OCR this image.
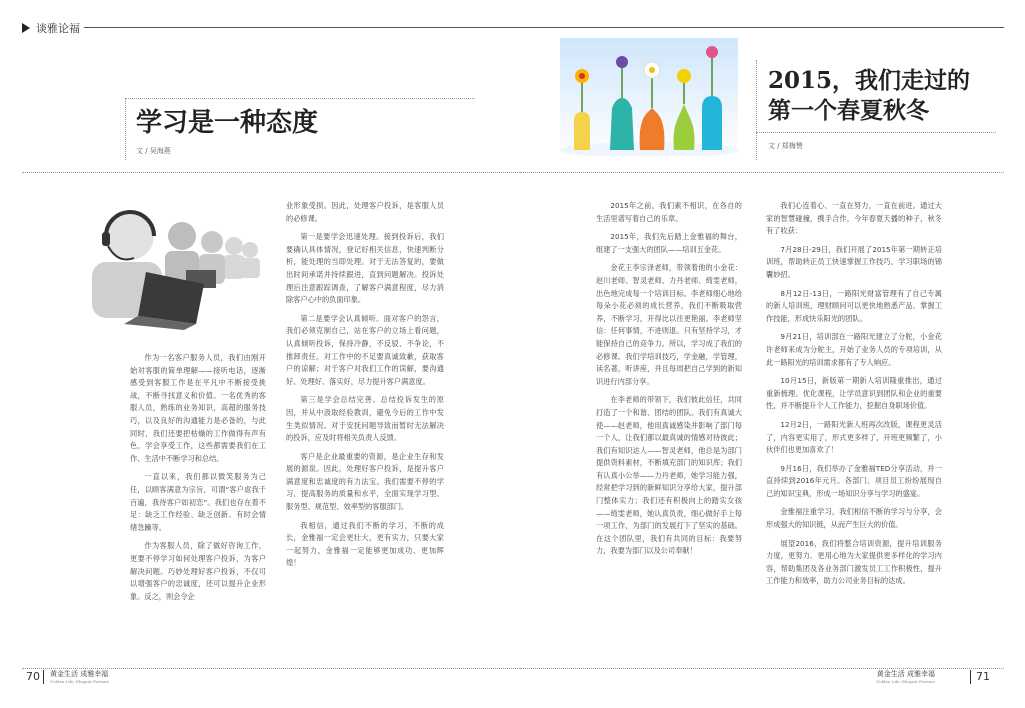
谈雅论福
学习是一种态度
文 / 吴海燕

作为一名客户服务人员，我们由刚开始对客服的简单理解——接听电话，逐渐感受到客服工作是在平凡中不断接受挑战，不断寻找意义和价值。一名优秀的客服人员，熟练的业务知识，高超的服务技巧，以及良好的沟通能力是必备的，与此同时，我们还要把枯燥的工作做得有声有色，学会享受工作，这些都需要我们在工作、生活中不断学习和总结。

一直以来，我们都以微笑服务为己任，以顾客满意为宗旨，可谓“客户虐我千百遍，我待客户如初恋”。我们也存在着不足：缺乏工作经验、缺乏创新、有时会情绪急躁等。

作为客服人员，除了做好咨询工作，更要不停学习如何处理客户投诉，为客户解决问题。巧妙处理好客户投诉，不仅可以增强客户的忠诚度，还可以提升企业形象。反之，则会令企

业形象受损。因此，处理客户投诉，是客服人员的必修课。

第一是要学会迅速处理。接到投诉后，我们要确认具体情况，登记好相关信息，快速判断分析，能处理的当即处理。对于无法答复的，要做出时间承诺并持续跟进，直到问题解决。投诉处理后注意跟踪调查，了解客户满意程度，尽力消除客户心中的负面印象。

第二是要学会认真倾听。面对客户的怨言，我们必须克制自己，站在客户的立场上看问题，认真倾听投诉，保持冷静，不反驳、不争论，不推卸责任。对工作中的不足要真诚致歉，获取客户的谅解；对于客户对我们工作的误解，要沟通好、处理好、落实好，尽力提升客户满意度。

第三是学会总结完善。总结投诉发生的原因，并从中汲取经验教训，避免今后的工作中发生类似情况。对于安抚问题导致而暂时无法解决的投诉，应及时将相关负责人反馈。

客户是企业最重要的资源，是企业生存和发展的源泉。因此，处理好客户投诉，是提升客户满意度和忠诚度的有力法宝。我们需要不停的学习，提高服务的质量和水平，全面实现学习型、服务型、规范型、效率型的客服部门。

我相信，通过我们不断的学习，不断的成长，金雅福一定会更壮大，更有实力，只要大家一起努力，金雅福一定能够更加成功、更加辉煌！

70 黄金生活 成雅幸福
Golden Life, Elegant Fortune
2015，我们走过的
第一个春夏秋冬
文 / 郑梅赞

2015年之前，我们素不相识，在各自的生活里谱写着自己的乐章。

2015年，我们先后踏上金雅福的舞台，组建了一支强大的团队——培训五金花。

金花王李宗泽老师，带领着他的小金花：赵川老师、智灵老师、力丹老师、绮雯老师，出色地完成每一个培训目标。李老师细心地给每朵小花必须的成长营养，我们不断吸取营养，不断学习，开得比以往更艳丽。李老师坚信：任何事情，不进则退。只有坚持学习，才能保持自己的竞争力。所以，学习成了我们的必修课。我们学培训技巧，学金融，学管理，读名著，听讲座，并且每周把自己学到的新知识进行内部分享。

在李老师的带领下，我们彼此信任，共同打造了一个和谐、团结的团队。我们有真诚大使——赵老师，他用真诚感染并影响了部门每一个人，让我们都以最真诚的情感对待彼此；我们有知识达人——智灵老师，他总是为部门提供资料素材，不断填充部门的知识库；我们有认真小公举——力丹老师，她学习能力强，经常把学习到的新鲜知识分享给大家，提升部门整体实力；我们还有积极向上的踏实女孩——绮雯老师，她认真负责，细心做好手上每一项工作，为部门的发展打下了坚实的基础。在这个团队里，我们有共同的目标：我要努力，我要为部门以及公司奉献！

我们心连着心、一直在努力，一直在前进。通过大家的智慧碰撞、携手合作，今年春夏天播的种子，秋冬有了收获：

7月28日-29日，我们开展了2015年第一期转正培训班，帮助转正员工快速掌握工作技巧，学习职场的锦囊妙招。

8月12日-13日，一路阳光财富管理有了自己专属的新人培训班，理财顾问可以更快地熟悉产品、掌握工作技能，形成快乐阳光的团队。

9月21日，培训部在一路阳光建立了分舵，小金花许老师来成为分舵主，开始了业务人员的专项培训，从此一路阳光的培训需求都有了专人响应。

10月15日，新版第一期新人培训隆重推出，通过重新梳理、优化课程，让学员意识到团队和企业的重要性，并不断提升个人工作能力，挖掘自身职场价值。

12月2日，一路阳光新人班再次改版，课程更灵活了，内容更实用了，形式更多样了，开班更频繁了，小伙伴们也更加喜欢了！

9月16日，我们举办了金雅福TED分享活动，并一直持续到2016年元月。各部门、项目员工纷纷展现自己的知识宝典，形成一场知识分享与学习的盛宴。

金雅福注重学习，我们相信不断的学习与分享，会形成强大的知识链，从而产生巨大的价值。

展望2016，我们将整合培训资源，提升培训服务力度，更努力、更用心地为大家提供更多样化的学习内容，帮助集团及各业务部门激发员工工作积极性，提升工作能力和效率，助力公司业务目标的达成。

黄金生活 成雅幸福
Golden Life, Elegant Fortune	71
